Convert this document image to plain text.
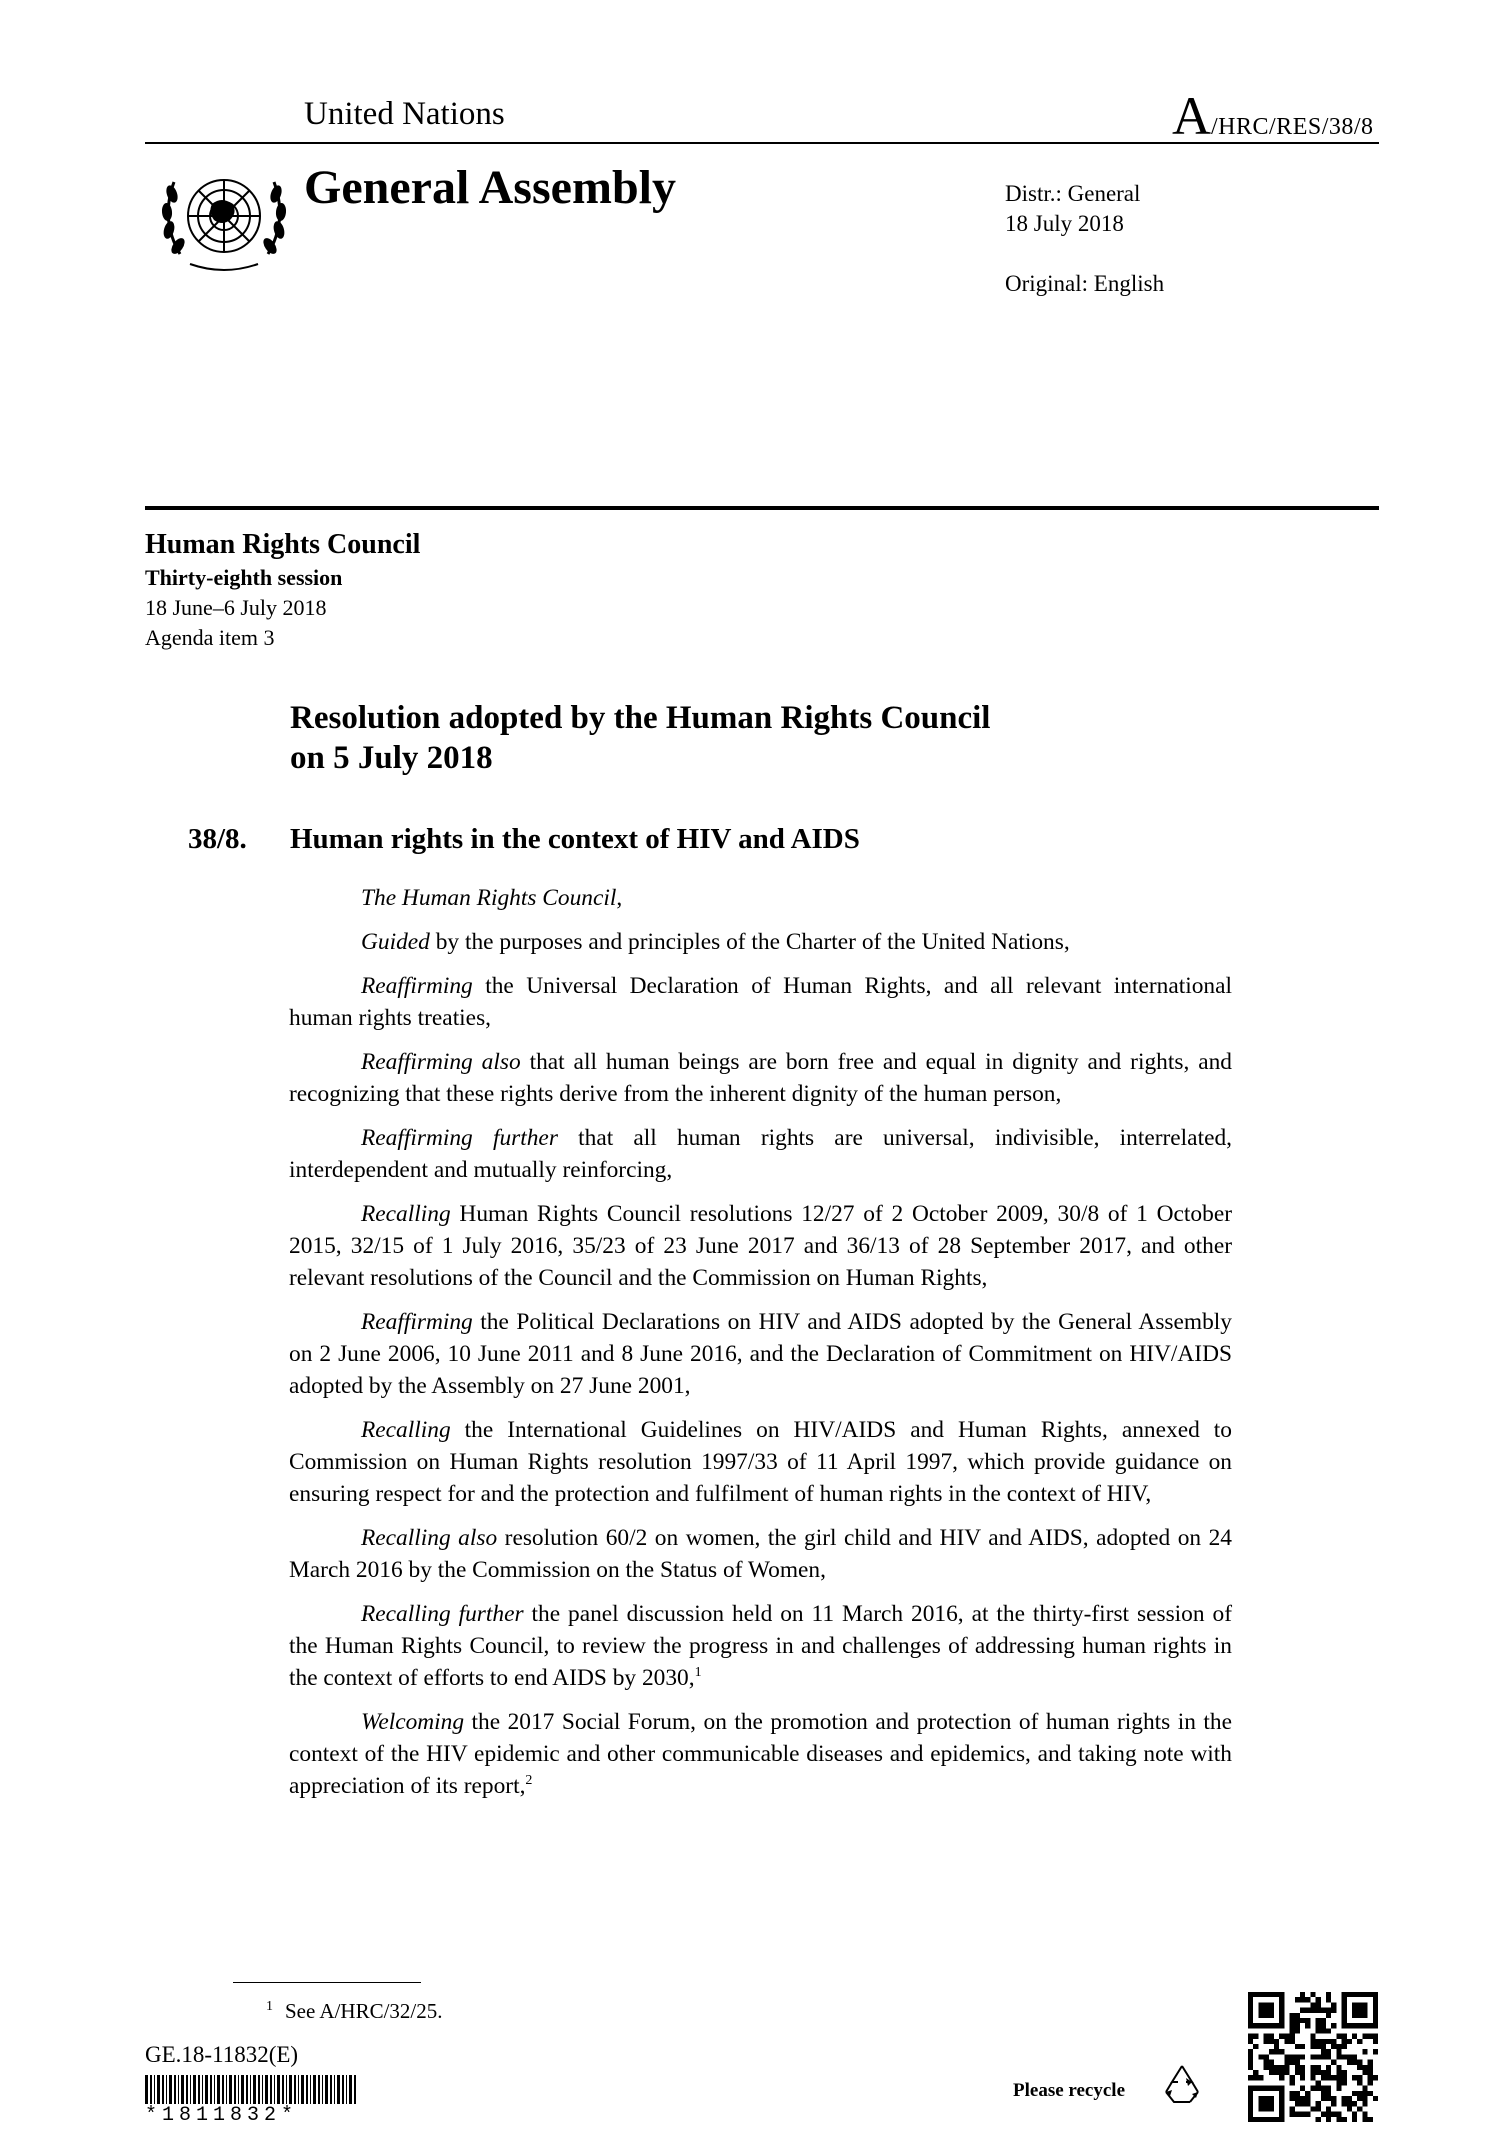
United Nations	A/HRC/RES/38/8
General Assembly	Distr.: General
18 July 2018
Original: English
Human Rights Council
Thirty-eighth session
18 June–6 July 2018
Agenda item 3
Resolution adopted by the Human Rights Council
on 5 July 2018
38/8. Human rights in the context of HIV and AIDS

The Human Rights Council,

Guided by the purposes and principles of the Charter of the United Nations,

Reaffirming the Universal Declaration of Human Rights, and all relevant international human rights treaties,

Reaffirming also that all human beings are born free and equal in dignity and rights, and recognizing that these rights derive from the inherent dignity of the human person,

Reaffirming further that all human rights are universal, indivisible, interrelated, interdependent and mutually reinforcing,

Recalling Human Rights Council resolutions 12/27 of 2 October 2009, 30/8 of 1 October 2015, 32/15 of 1 July 2016, 35/23 of 23 June 2017 and 36/13 of 28 September 2017, and other relevant resolutions of the Council and the Commission on Human Rights,

Reaffirming the Political Declarations on HIV and AIDS adopted by the General Assembly on 2 June 2006, 10 June 2011 and 8 June 2016, and the Declaration of Commitment on HIV/AIDS adopted by the Assembly on 27 June 2001,

Recalling the International Guidelines on HIV/AIDS and Human Rights, annexed to Commission on Human Rights resolution 1997/33 of 11 April 1997, which provide guidance on ensuring respect for and the protection and fulfilment of human rights in the context of HIV,

Recalling also resolution 60/2 on women, the girl child and HIV and AIDS, adopted on 24 March 2016 by the Commission on the Status of Women,

Recalling further the panel discussion held on 11 March 2016, at the thirty-first session of the Human Rights Council, to review the progress in and challenges of addressing human rights in the context of efforts to end AIDS by 2030,$^1$

Welcoming the 2017 Social Forum, on the promotion and protection of human rights in the context of the HIV epidemic and other communicable diseases and epidemics, and taking note with appreciation of its report,$^2$

$^1$ See A/HRC/32/25.
GE.18-11832(E)
*1811832*
Please recycle
